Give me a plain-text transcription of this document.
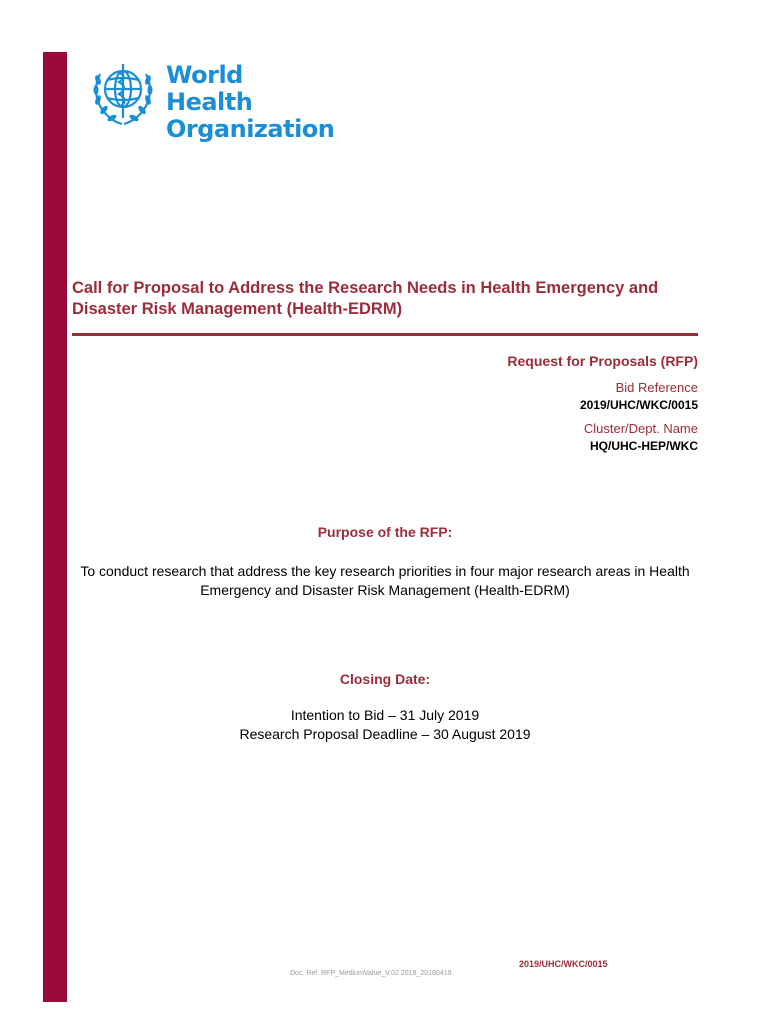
World Health
Organization
Call for Proposal to Address the Research Needs in Health Emergency and Disaster Risk Management (Health-EDRM)
Request for Proposals (RFP)
Bid Reference
2019/UHC/WKC/0015
Cluster/Dept. Name
HQ/UHC-HEP/WKC
Purpose of the RFP:
To conduct research that address the key research priorities in four major research areas in Health Emergency and Disaster Risk Management (Health-EDRM)
Closing Date:
Intention to Bid – 31 July 2019
Research Proposal Deadline – 30 August 2019
2019/UHC/WKC/0015
Doc. Ref. RFP_MediumValue_V.02 2018_20180419
